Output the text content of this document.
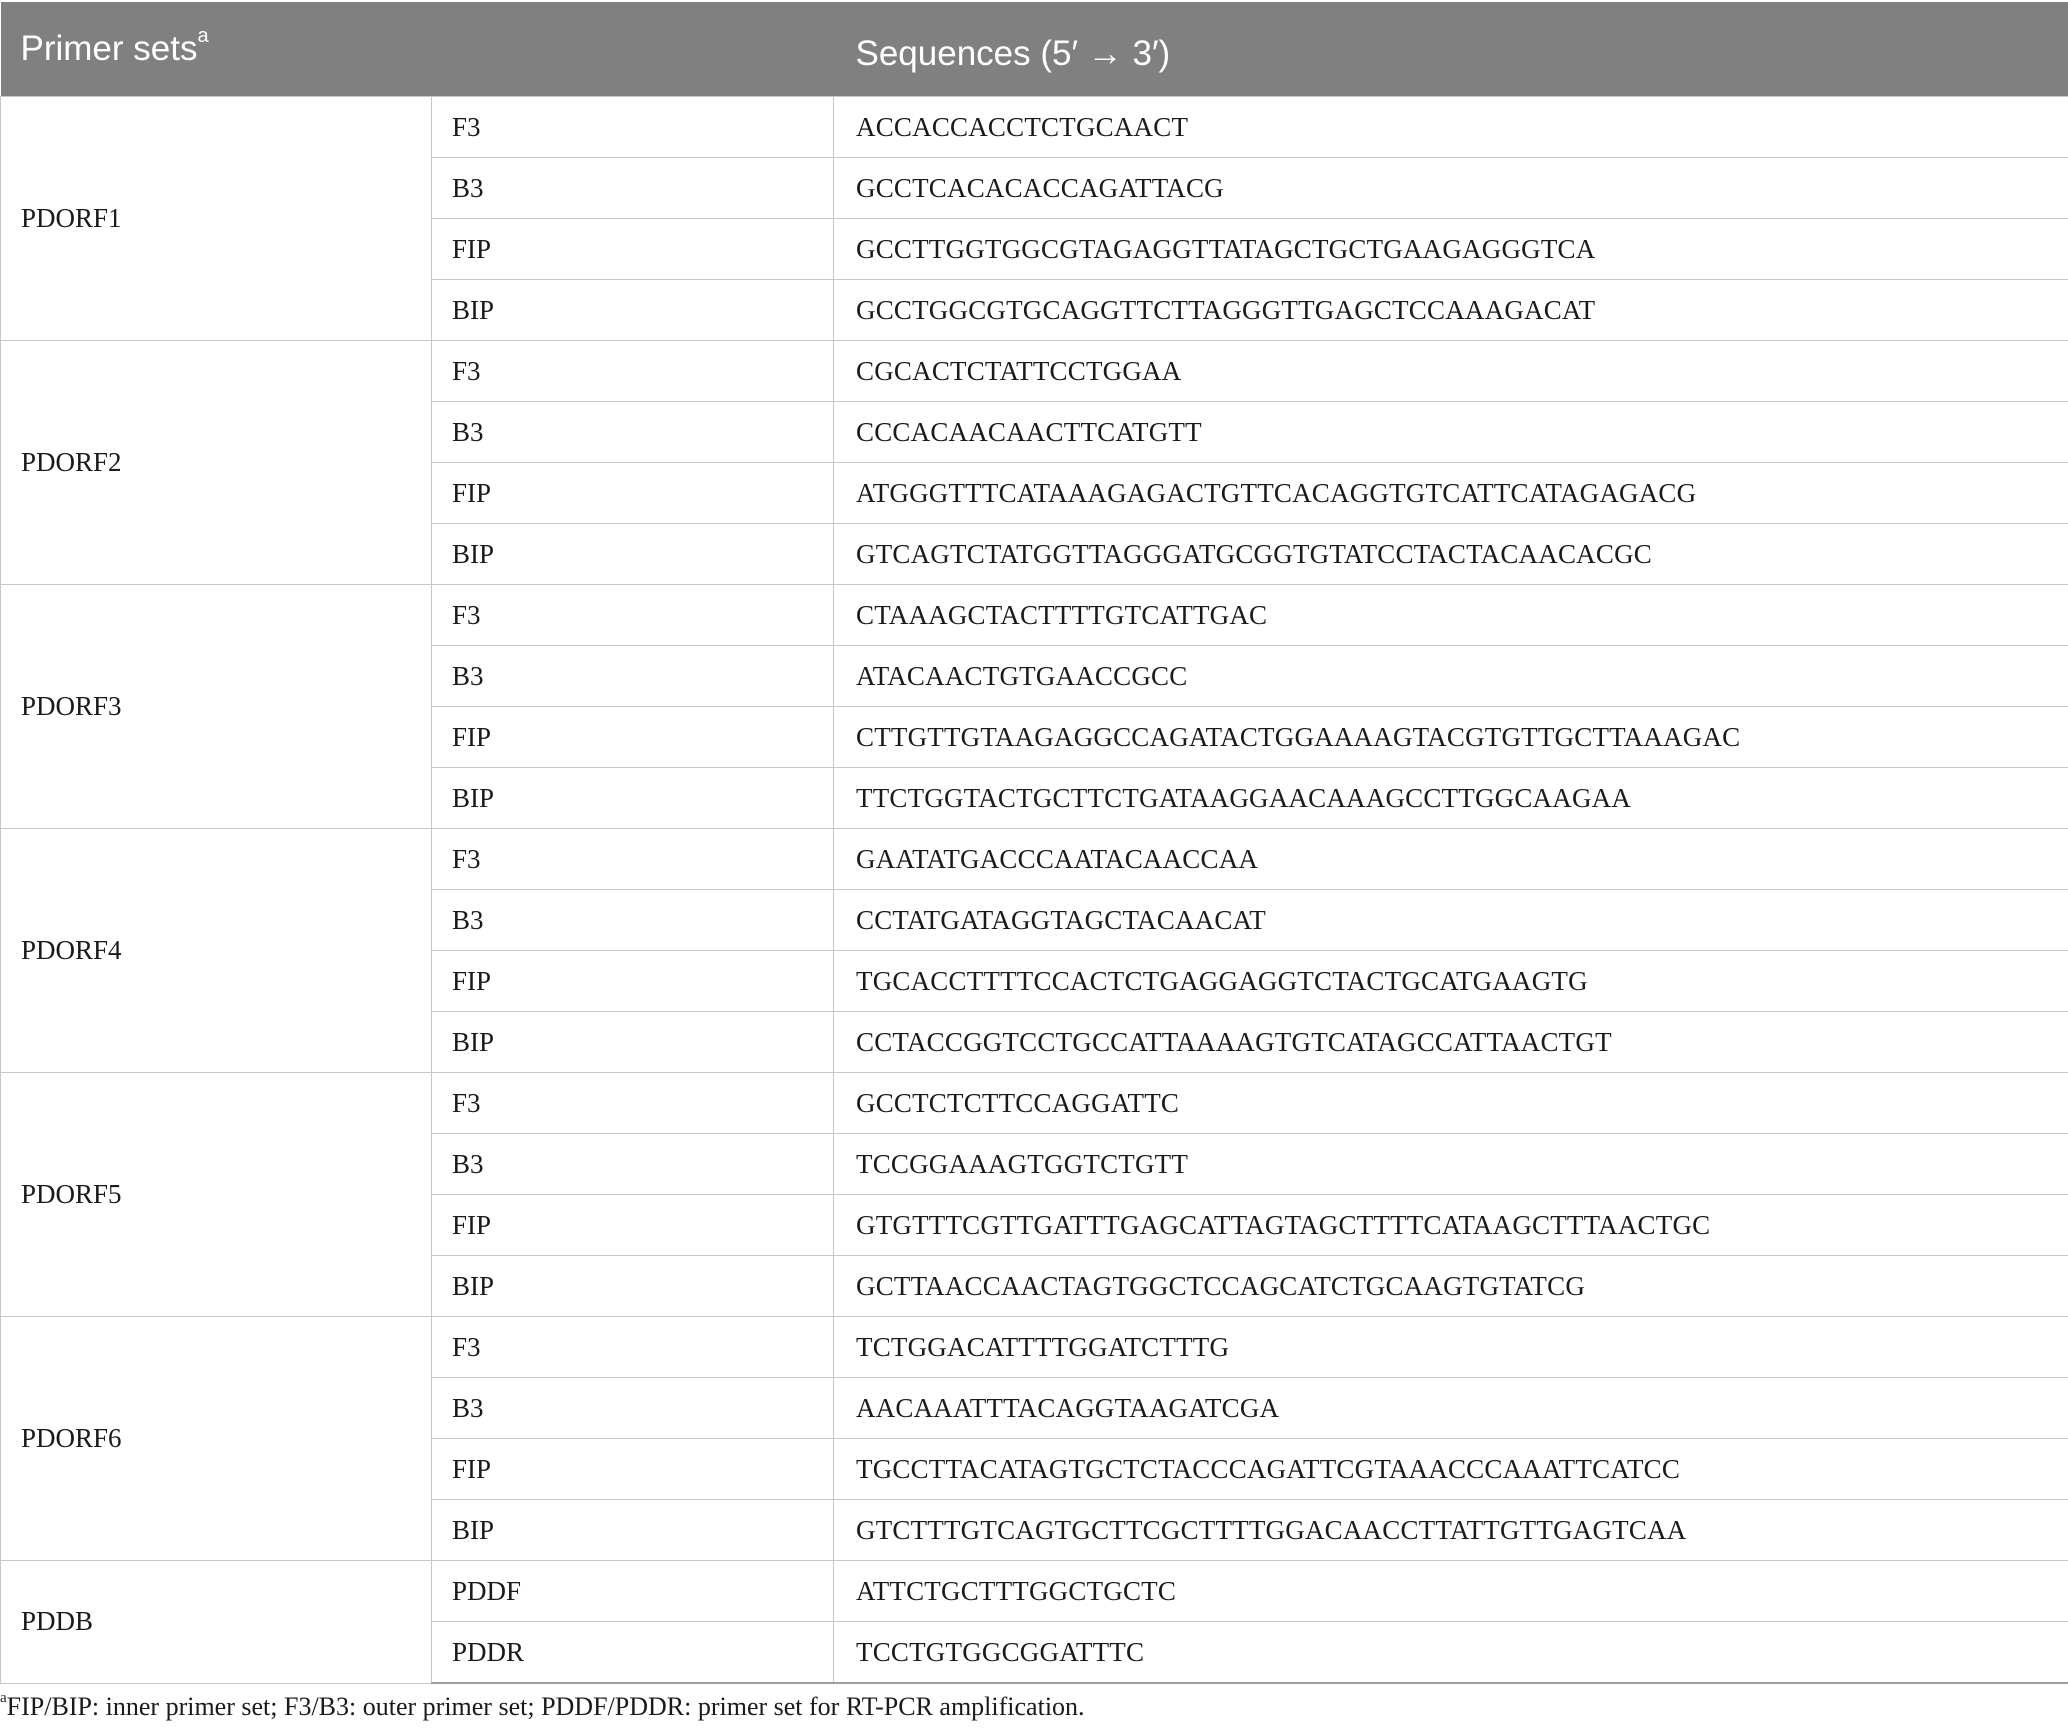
Primer sets$^a$		Sequences (5′ → 3′)
PDORF1	F3	ACCACCACCTCTGCAACT
	B3	GCCTCACACACCAGATTACG
	FIP	GCCTTGGTGGCGTAGAGGTTATAGCTGCTGAAGAGGGTCA
	BIP	GCCTGGCGTGCAGGTTCTTAGGGTTGAGCTCCAAAGACAT
PDORF2	F3	CGCACTCTATTCCTGGAA
	B3	CCCACAACAACTTCATGTT
	FIP	ATGGGTTTCATAAAGAGACTGTTCACAGGTGTCATTCATAGAGACG
	BIP	GTCAGTCTATGGTTAGGGATGCGGTGTATCCTACTACAACACGC
PDORF3	F3	CTAAAGCTACTTTTGTCATTGAC
	B3	ATACAACTGTGAACCGCC
	FIP	CTTGTTGTAAGAGGCCAGATACTGGAAAAGTACGTGTTGCTTAAAGAC
	BIP	TTCTGGTACTGCTTCTGATAAGGAACAAAGCCTTGGCAAGAA
PDORF4	F3	GAATATGACCCAATACAACCAA
	B3	CCTATGATAGGTAGCTACAACAT
	FIP	TGCACCTTTTCCACTCTGAGGAGGTCTACTGCATGAAGTG
	BIP	CCTACCGGTCCTGCCATTAAAAGTGTCATAGCCATTAACTGT
PDORF5	F3	GCCTCTCTTCCAGGATTC
	B3	TCCGGAAAGTGGTCTGTT
	FIP	GTGTTTCGTTGATTTGAGCATTAGTAGCTTTTCATAAGCTTTAACTGC
	BIP	GCTTAACCAACTAGTGGCTCCAGCATCTGCAAGTGTATCG
PDORF6	F3	TCTGGACATTTTGGATCTTTG
	B3	AACAAATTTACAGGTAAGATCGA
	FIP	TGCCTTACATAGTGCTCTACCCAGATTCGTAAACCCAAATTCATCC
	BIP	GTCTTTGTCAGTGCTTCGCTTTTGGACAACCTTATTGTTGAGTCAA
PDDB	PDDF	ATTCTGCTTTGGCTGCTC
	PDDR	TCCTGTGGCGGATTTC
$^a$FIP/BIP: inner primer set; F3/B3: outer primer set; PDDF/PDDR: primer set for RT-PCR amplification.
